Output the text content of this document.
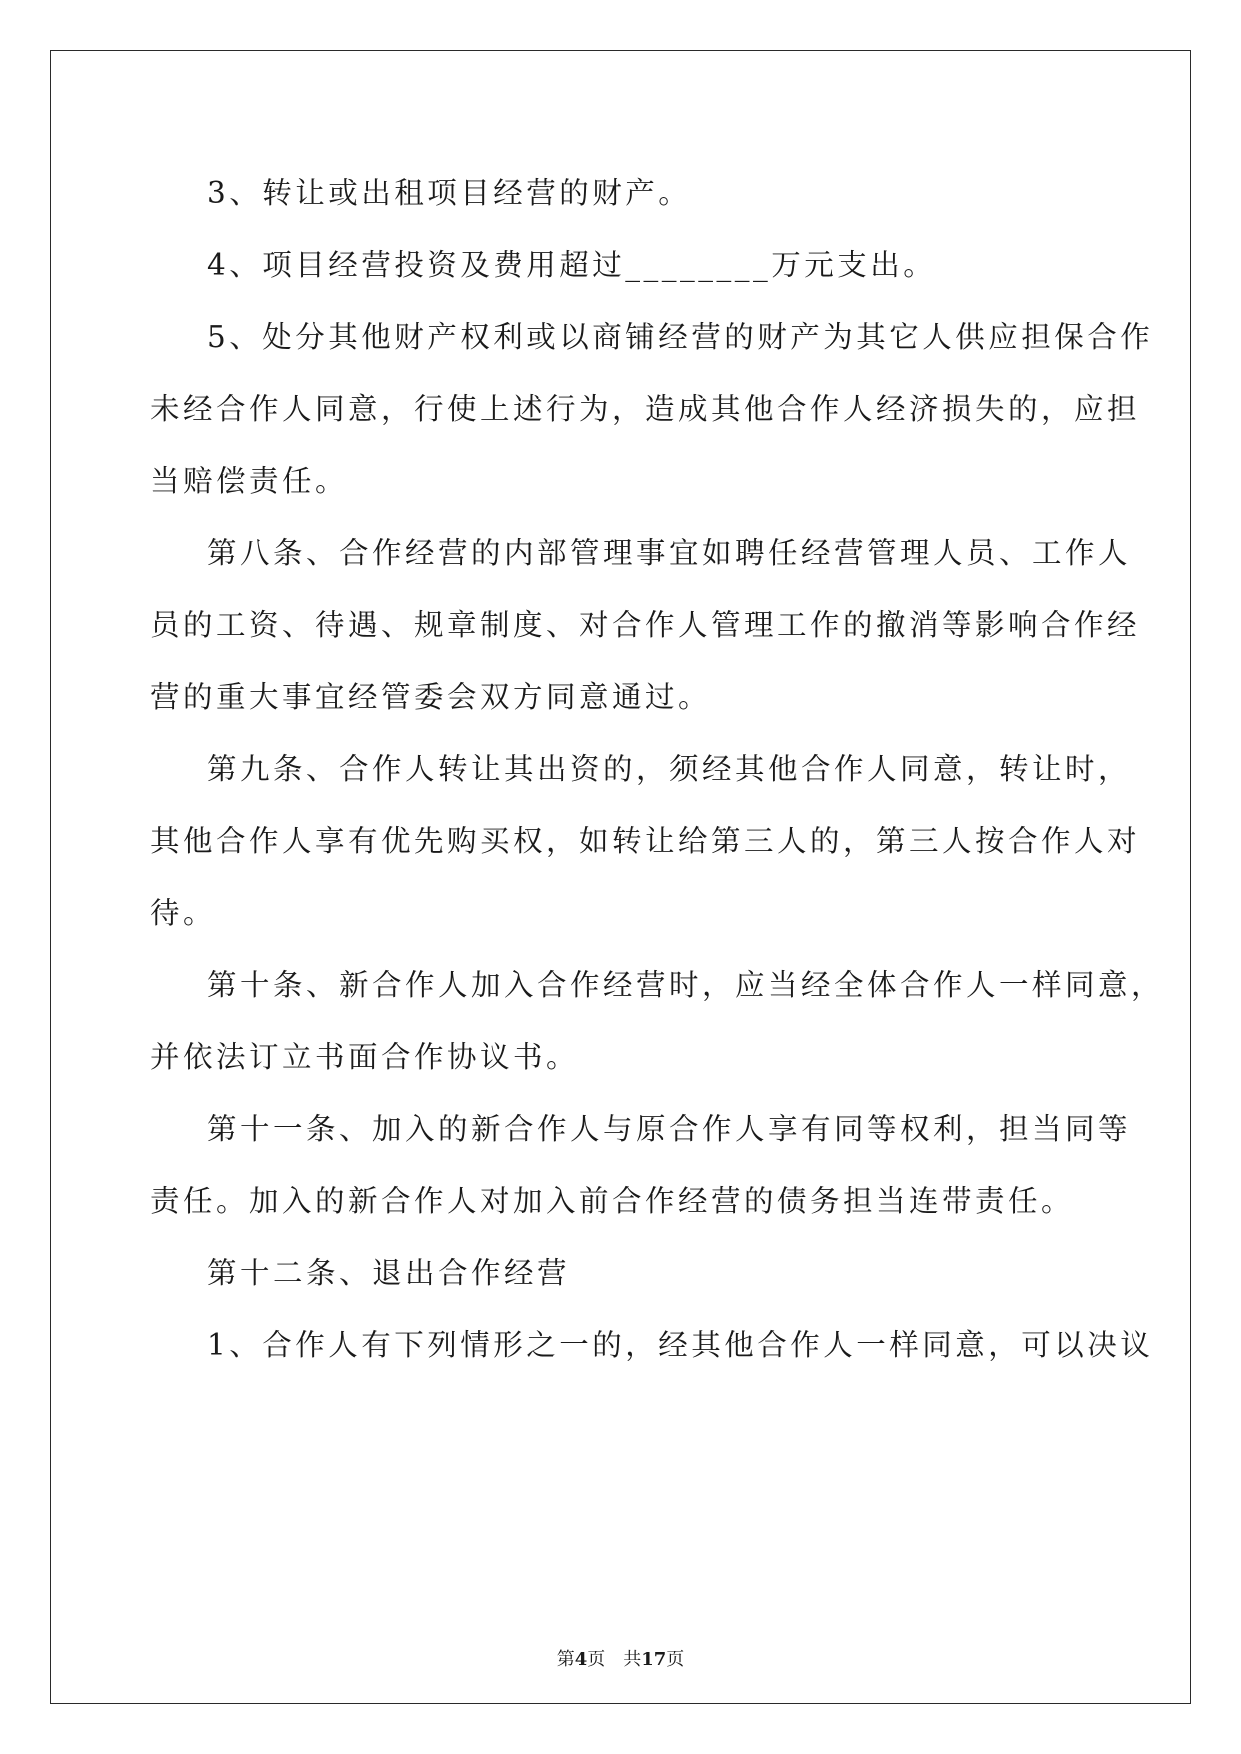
3、转让或出租项目经营的财产。
4、项目经营投资及费用超过________万元支出。
5、处分其他财产权利或以商铺经营的财产为其它人供应担保合作
未经合作人同意，行使上述行为，造成其他合作人经济损失的，应担
当赔偿责任。
第八条、合作经营的内部管理事宜如聘任经营管理人员、工作人
员的工资、待遇、规章制度、对合作人管理工作的撤消等影响合作经
营的重大事宜经管委会双方同意通过。
第九条、合作人转让其出资的，须经其他合作人同意，转让时，
其他合作人享有优先购买权，如转让给第三人的，第三人按合作人对
待。
第十条、新合作人加入合作经营时，应当经全体合作人一样同意，
并依法订立书面合作协议书。
第十一条、加入的新合作人与原合作人享有同等权利，担当同等
责任。加入的新合作人对加入前合作经营的债务担当连带责任。
第十二条、退出合作经营
1、合作人有下列情形之一的，经其他合作人一样同意，可以决议
第4页 共17页
